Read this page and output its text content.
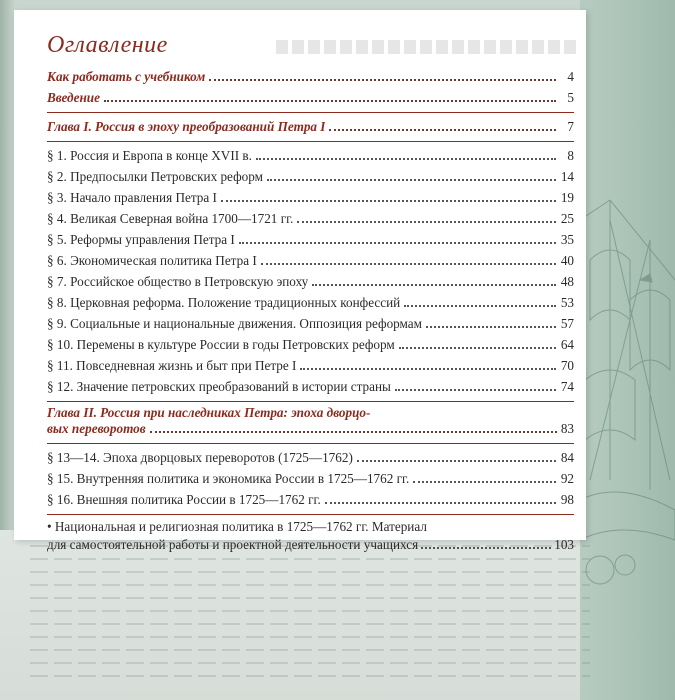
Оглавление
Как работать с учебником	4
Введение	5
Глава I. Россия в эпоху преобразований Петра I	7
§ 1. Россия и Европа в конце XVII в.	8
§ 2. Предпосылки Петровских реформ	14
§ 3. Начало правления Петра I	19
§ 4. Великая Северная война 1700—1721 гг.	25
§ 5. Реформы управления Петра I	35
§ 6. Экономическая политика Петра I	40
§ 7. Российское общество в Петровскую эпоху	48
§ 8. Церковная реформа. Положение традиционных конфессий	53
§ 9. Социальные и национальные движения. Оппозиция реформам	57
§ 10. Перемены в культуре России в годы Петровских реформ	64
§ 11. Повседневная жизнь и быт при Петре I	70
§ 12. Значение петровских преобразований в истории страны	74
Глава II. Россия при наследниках Петра: эпоха дворцо-
вых переворотов	83
§ 13—14. Эпоха дворцовых переворотов (1725—1762)	84
§ 15. Внутренняя политика и экономика России в 1725—1762 гг.	92
§ 16. Внешняя политика России в 1725—1762 гг.	98
• Национальная и религиозная политика в 1725—1762 гг. Материал
для самостоятельной работы и проектной деятельности учащихся	103
